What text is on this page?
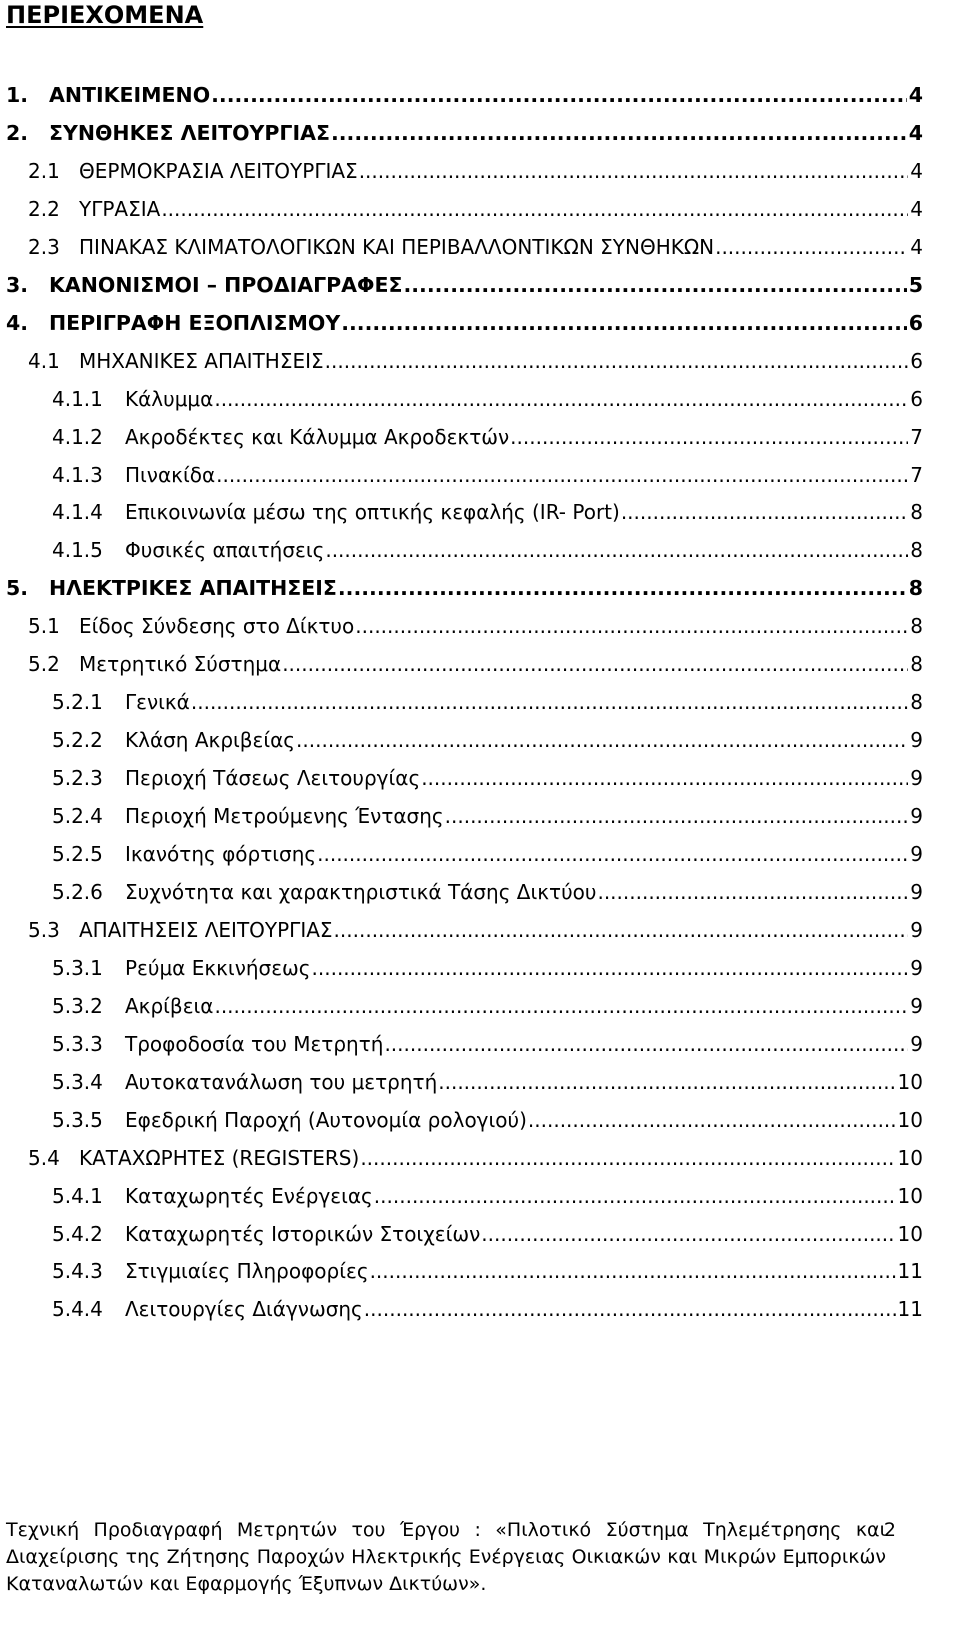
ΠΕΡΙΕΧΟΜΕΝΑ
1.	ΑΝΤΙΚΕΙΜΕΝΟ .....	4
2.	ΣΥΝΘΗΚΕΣ ΛΕΙΤΟΥΡΓΙΑΣ .....	4
2.1 ΘΕΡΜΟΚΡΑΣΙΑ ΛΕΙΤΟΥΡΓΙΑΣ .....	4
2.2 ΥΓΡΑΣΙΑ .....	4
2.3 ΠΙΝΑΚΑΣ ΚΛΙΜΑΤΟΛΟΓΙΚΩΝ ΚΑΙ ΠΕΡΙΒΑΛΛΟΝΤΙΚΩΝ ΣΥΝΘΗΚΩΝ .....	4
3.	ΚΑΝΟΝΙΣΜΟΙ – ΠΡΟΔΙΑΓΡΑΦΕΣ .....	5
4.	ΠΕΡΙΓΡΑΦΗ ΕΞΟΠΛΙΣΜΟΥ .....	6
4.1 ΜΗΧΑΝΙΚΕΣ ΑΠΑΙΤΗΣΕΙΣ .....	6
4.1.1	Κάλυμμα .....	6
4.1.2	Ακροδέκτες και Κάλυμμα Ακροδεκτών .....	7
4.1.3	Πινακίδα .....	7
4.1.4	Επικοινωνία μέσω της οπτικής κεφαλής (IR- Port) .....	8
4.1.5	Φυσικές απαιτήσεις .....	8
5.	ΗΛΕΚΤΡΙΚΕΣ ΑΠΑΙΤΗΣΕΙΣ .....	8
5.1 Είδος Σύνδεσης στο Δίκτυο .....	8
5.2 Μετρητικό Σύστημα .....	8
5.2.1	Γενικά .....	8
5.2.2	Κλάση Ακριβείας .....	9
5.2.3	Περιοχή Τάσεως Λειτουργίας .....	9
5.2.4	Περιοχή Μετρούμενης Έντασης .....	9
5.2.5	Ικανότης φόρτισης .....	9
5.2.6	Συχνότητα και χαρακτηριστικά Τάσης Δικτύου .....	9
5.3 ΑΠΑΙΤΗΣΕΙΣ ΛΕΙΤΟΥΡΓΙΑΣ .....	9
5.3.1	Ρεύμα Εκκινήσεως .....	9
5.3.2	Ακρίβεια .....	9
5.3.3	Τροφοδοσία του Μετρητή .....	9
5.3.4	Αυτοκατανάλωση του μετρητή .....	10
5.3.5	Εφεδρική Παροχή (Αυτονομία ρολογιού) .....	10
5.4 ΚΑΤΑΧΩΡΗΤΕΣ (REGISTERS) .....	10
5.4.1	Καταχωρητές Ενέργειας .....	10
5.4.2	Καταχωρητές Ιστορικών Στοιχείων .....	10
5.4.3	Στιγμιαίες Πληροφορίες .....	11
5.4.4	Λειτουργίες Διάγνωσης .....	11
Τεχνική Προδιαγραφή Μετρητών του Έργου : «Πιλοτικό Σύστημα Τηλεμέτρησης και Διαχείρισης της Ζήτησης Παροχών Ηλεκτρικής Ενέργειας Οικιακών και Μικρών Εμπορικών Καταναλωτών και Εφαρμογής Έξυπνων Δικτύων».
2
